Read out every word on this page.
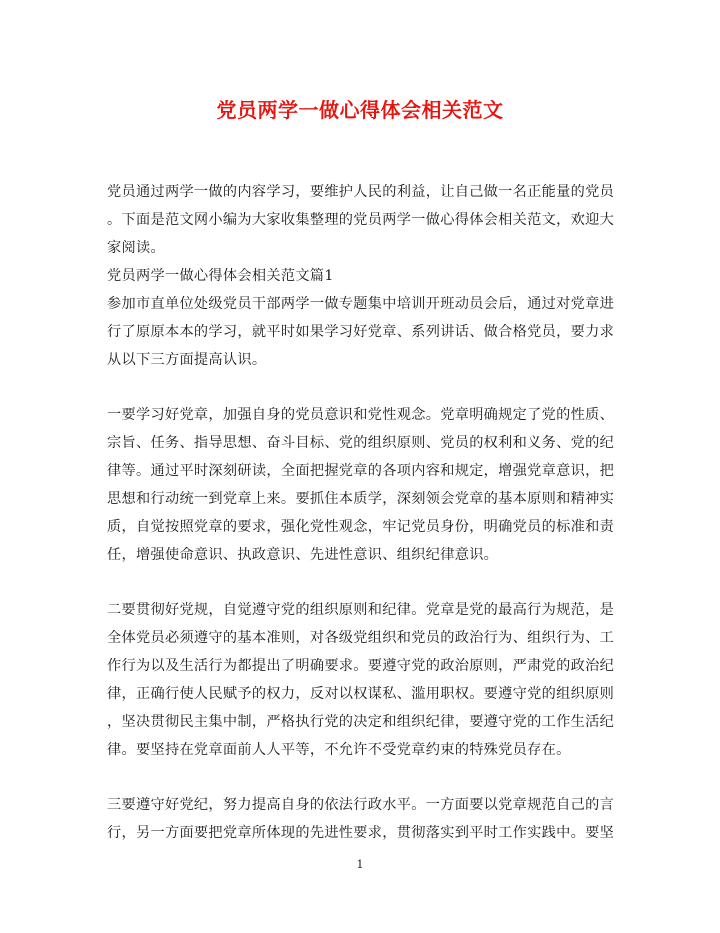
党员两学一做心得体会相关范文
党员通过两学一做的内容学习，要维护人民的利益，让自己做一名正能量的党员
。下面是范文网小编为大家收集整理的党员两学一做心得体会相关范文，欢迎大
家阅读。
党员两学一做心得体会相关范文篇1
参加市直单位处级党员干部两学一做专题集中培训开班动员会后，通过对党章进
行了原原本本的学习，就平时如果学习好党章、系列讲话、做合格党员，要力求
从以下三方面提高认识。
一要学习好党章，加强自身的党员意识和党性观念。党章明确规定了党的性质、
宗旨、任务、指导思想、奋斗目标、党的组织原则、党员的权利和义务、党的纪
律等。通过平时深刻研读，全面把握党章的各项内容和规定，增强党章意识，把
思想和行动统一到党章上来。要抓住本质学，深刻领会党章的基本原则和精神实
质，自觉按照党章的要求，强化党性观念，牢记党员身份，明确党员的标准和责
任，增强使命意识、执政意识、先进性意识、组织纪律意识。
二要贯彻好党规，自觉遵守党的组织原则和纪律。党章是党的最高行为规范，是
全体党员必须遵守的基本准则，对各级党组织和党员的政治行为、组织行为、工
作行为以及生活行为都提出了明确要求。要遵守党的政治原则，严肃党的政治纪
律，正确行使人民赋予的权力，反对以权谋私、滥用职权。要遵守党的组织原则
，坚决贯彻民主集中制，严格执行党的决定和组织纪律，要遵守党的工作生活纪
律。要坚持在党章面前人人平等，不允许不受党章约束的特殊党员存在。
三要遵守好党纪，努力提高自身的依法行政水平。一方面要以党章规范自己的言
行，另一方面要把党章所体现的先进性要求，贯彻落实到平时工作实践中。要坚
1
